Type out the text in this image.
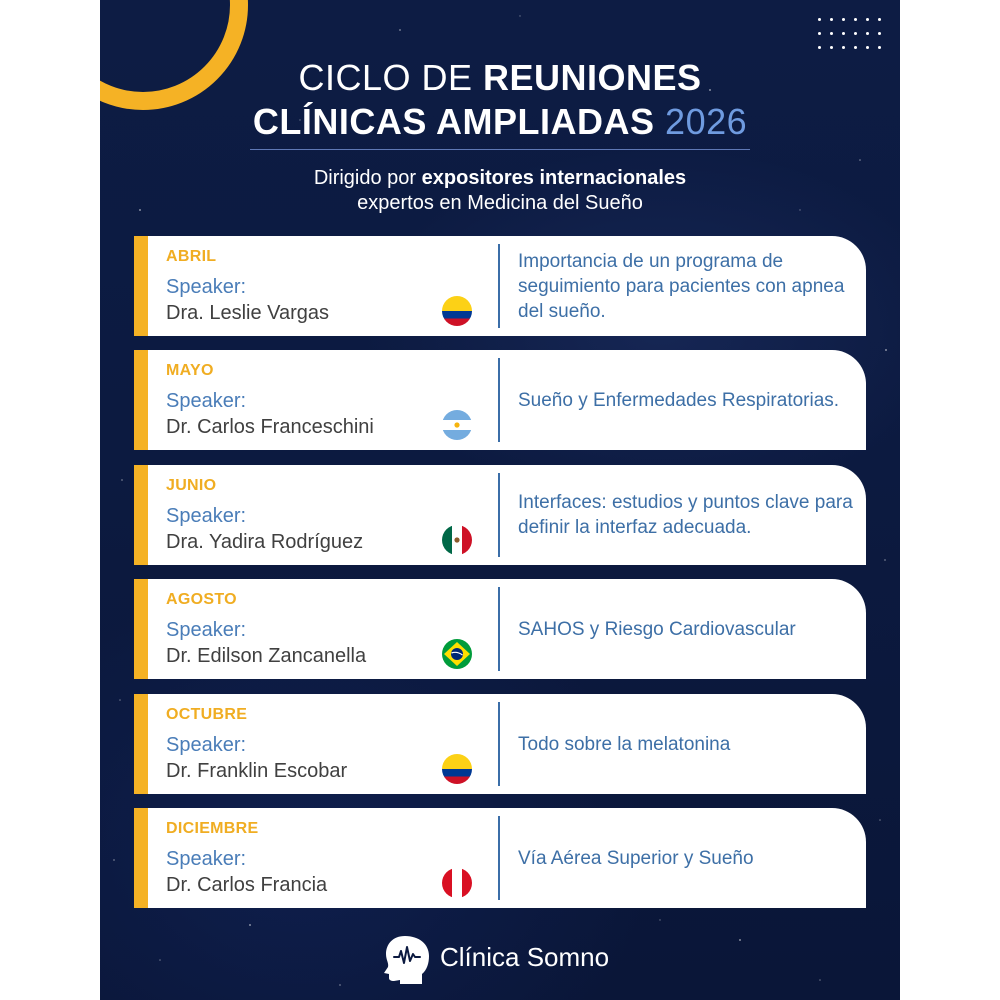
CICLO DE REUNIONES
CLÍNICAS AMPLIADAS 2026
Dirigido por expositores internacionales
expertos en Medicina del Sueño
ABRIL
Speaker:
Dra. Leslie Vargas
Importancia de un programa de seguimiento para pacientes con apnea del sueño.
MAYO
Speaker:
Dr. Carlos Franceschini
Sueño y Enfermedades Respiratorias.
JUNIO
Speaker:
Dra. Yadira Rodríguez
Interfaces: estudios y puntos clave para definir la interfaz adecuada.
AGOSTO
Speaker:
Dr. Edilson Zancanella
SAHOS y Riesgo Cardiovascular
OCTUBRE
Speaker:
Dr. Franklin Escobar
Todo sobre la melatonina
DICIEMBRE
Speaker:
Dr. Carlos Francia
Vía Aérea Superior y Sueño
Clínica Somno
